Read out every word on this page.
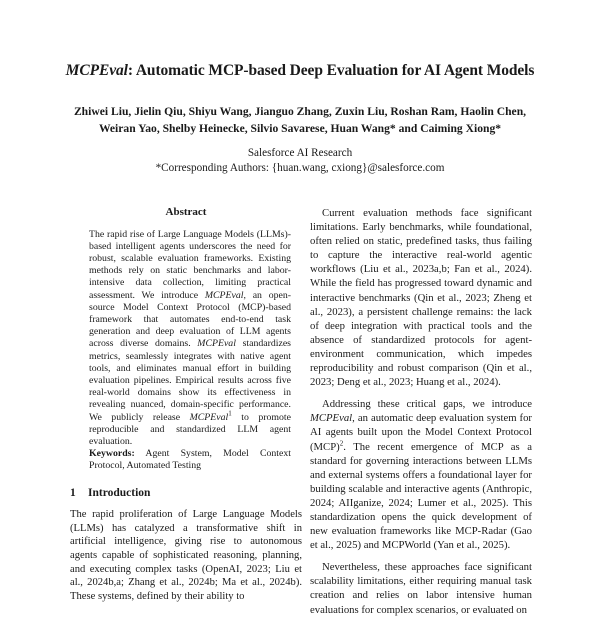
MCPEval: Automatic MCP-based Deep Evaluation for AI Agent Models
Zhiwei Liu, Jielin Qiu, Shiyu Wang, Jianguo Zhang, Zuxin Liu, Roshan Ram, Haolin Chen,
Weiran Yao, Shelby Heinecke, Silvio Savarese, Huan Wang* and Caiming Xiong*
Salesforce AI Research
*Corresponding Authors: {huan.wang, cxiong}@salesforce.com
Abstract

The rapid rise of Large Language Models (LLMs)-based intelligent agents underscores the need for robust, scalable evaluation frameworks. Existing methods rely on static benchmarks and labor-intensive data collection, limiting practical assessment. We introduce MCPEval, an open-source Model Context Protocol (MCP)-based framework that automates end-to-end task generation and deep evaluation of LLM agents across diverse domains. MCPEval standardizes metrics, seamlessly integrates with native agent tools, and eliminates manual effort in building evaluation pipelines. Empirical results across five real-world domains show its effectiveness in revealing nuanced, domain-specific performance. We publicly release MCPEval$^1$ to promote reproducible and standardized LLM agent evaluation.

Keywords: Agent System, Model Context Protocol, Automated Testing

1 Introduction

The rapid proliferation of Large Language Models (LLMs) has catalyzed a transformative shift in artificial intelligence, giving rise to autonomous agents capable of sophisticated reasoning, planning, and executing complex tasks (OpenAI, 2023; Liu et al., 2024b,a; Zhang et al., 2024b; Ma et al., 2024b). These systems, defined by their ability to

Current evaluation methods face significant limitations. Early benchmarks, while foundational, often relied on static, predefined tasks, thus failing to capture the interactive real-world agentic workflows (Liu et al., 2023a,b; Fan et al., 2024). While the field has progressed toward dynamic and interactive benchmarks (Qin et al., 2023; Zheng et al., 2023), a persistent challenge remains: the lack of deep integration with practical tools and the absence of standardized protocols for agent-environment communication, which impedes reproducibility and robust comparison (Qin et al., 2023; Deng et al., 2023; Huang et al., 2024).

Addressing these critical gaps, we introduce MCPEval, an automatic deep evaluation system for AI agents built upon the Model Context Protocol (MCP)$^2$. The recent emergence of MCP as a standard for governing interactions between LLMs and external systems offers a foundational layer for building scalable and interactive agents (Anthropic, 2024; AIIganize, 2024; Lumer et al., 2025). This standardization opens the quick development of new evaluation frameworks like MCP-Radar (Gao et al., 2025) and MCPWorld (Yan et al., 2025).

Nevertheless, these approaches face significant scalability limitations, either requiring manual task creation and relies on labor intensive human evaluations for complex scenarios, or evaluated on
